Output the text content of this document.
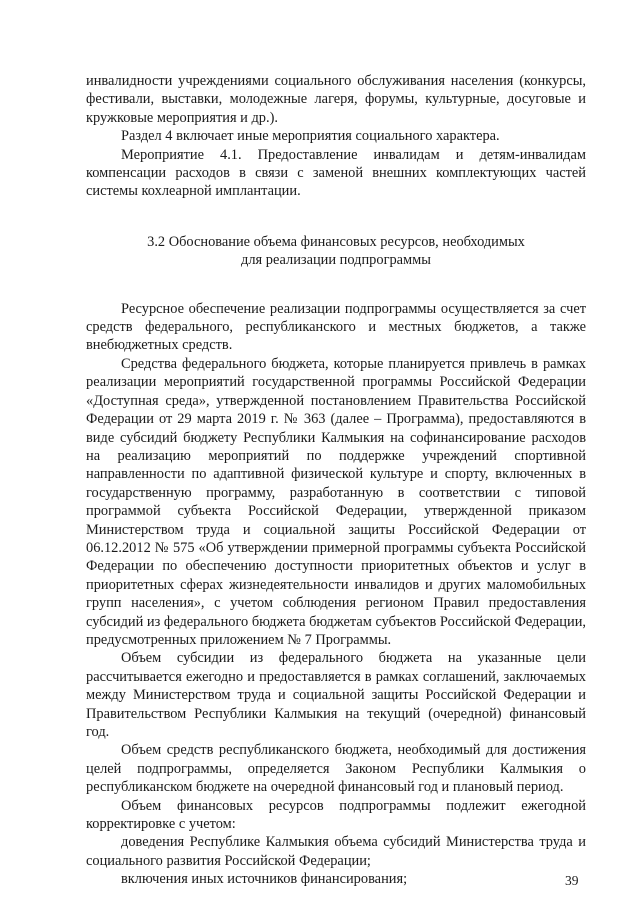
инвалидности учреждениями социального обслуживания населения (конкурсы, фестивали, выставки, молодежные лагеря, форумы, культурные, досуговые и кружковые мероприятия и др.).

Раздел 4 включает иные мероприятия социального характера.

Мероприятие 4.1. Предоставление инвалидам и детям-инвалидам компенсации расходов в связи с заменой внешних комплектующих частей системы кохлеарной имплантации.

3.2 Обоснование объема финансовых ресурсов, необходимых
для реализации подпрограммы

Ресурсное обеспечение реализации подпрограммы осуществляется за счет средств федерального, республиканского и местных бюджетов, а также внебюджетных средств.

Средства федерального бюджета, которые планируется привлечь в рамках реализации мероприятий государственной программы Российской Федерации «Доступная среда», утвержденной постановлением Правительства Российской Федерации от 29 марта 2019 г. № 363 (далее – Программа), предоставляются в виде субсидий бюджету Республики Калмыкия на софинансирование расходов на реализацию мероприятий по поддержке учреждений спортивной направленности по адаптивной физической культуре и спорту, включенных в государственную программу, разработанную в соответствии с типовой программой субъекта Российской Федерации, утвержденной приказом Министерством труда и социальной защиты Российской Федерации от 06.12.2012 № 575 «Об утверждении примерной программы субъекта Российской Федерации по обеспечению доступности приоритетных объектов и услуг в приоритетных сферах жизнедеятельности инвалидов и других маломобильных групп населения», с учетом соблюдения регионом Правил предоставления субсидий из федерального бюджета бюджетам субъектов Российской Федерации, предусмотренных приложением № 7 Программы.

Объем субсидии из федерального бюджета на указанные цели рассчитывается ежегодно и предоставляется в рамках соглашений, заключаемых между Министерством труда и социальной защиты Российской Федерации и Правительством Республики Калмыкия на текущий (очередной) финансовый год.

Объем средств республиканского бюджета, необходимый для достижения целей подпрограммы, определяется Законом Республики Калмыкия о республиканском бюджете на очередной финансовый год и плановый период.

Объем финансовых ресурсов подпрограммы подлежит ежегодной корректировке с учетом:

доведения Республике Калмыкия объема субсидий Министерства труда и социального развития Российской Федерации;

включения иных источников финансирования;	39
